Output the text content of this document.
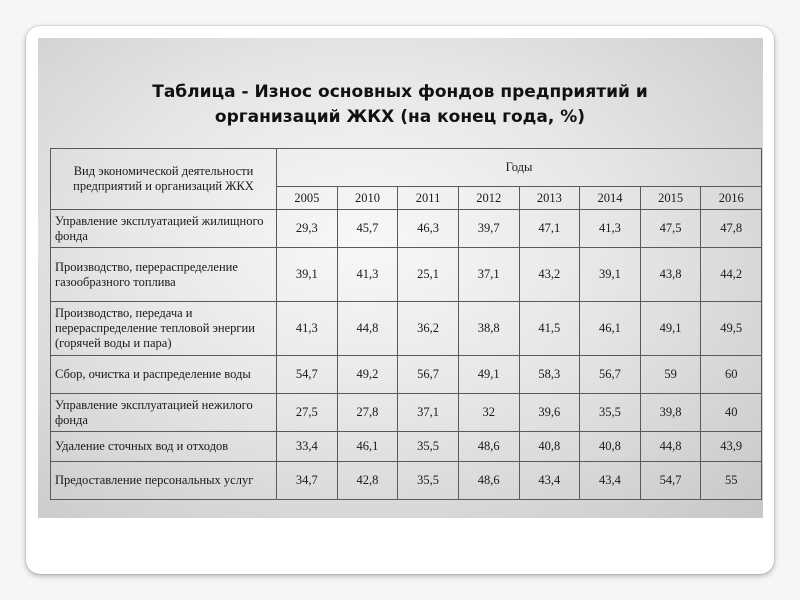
Таблица - Износ основных фондов предприятий и
организаций ЖКХ (на конец года, %)
Вид экономической деятельности предприятий и организаций ЖКХ	Годы							
	2005	2010	2011	2012	2013	2014	2015	2016
Управление эксплуатацией жилищного фонда	29,3	45,7	46,3	39,7	47,1	41,3	47,5	47,8
Производство, перераспределение газообразного топлива	39,1	41,3	25,1	37,1	43,2	39,1	43,8	44,2
Производство, передача и перераспределение тепловой энергии (горячей воды и пара)	41,3	44,8	36,2	38,8	41,5	46,1	49,1	49,5
Сбор, очистка и распределение воды	54,7	49,2	56,7	49,1	58,3	56,7	59	60
Управление эксплуатацией нежилого фонда	27,5	27,8	37,1	32	39,6	35,5	39,8	40
Удаление сточных вод и отходов	33,4	46,1	35,5	48,6	40,8	40,8	44,8	43,9
Предоставление персональных услуг	34,7	42,8	35,5	48,6	43,4	43,4	54,7	55
